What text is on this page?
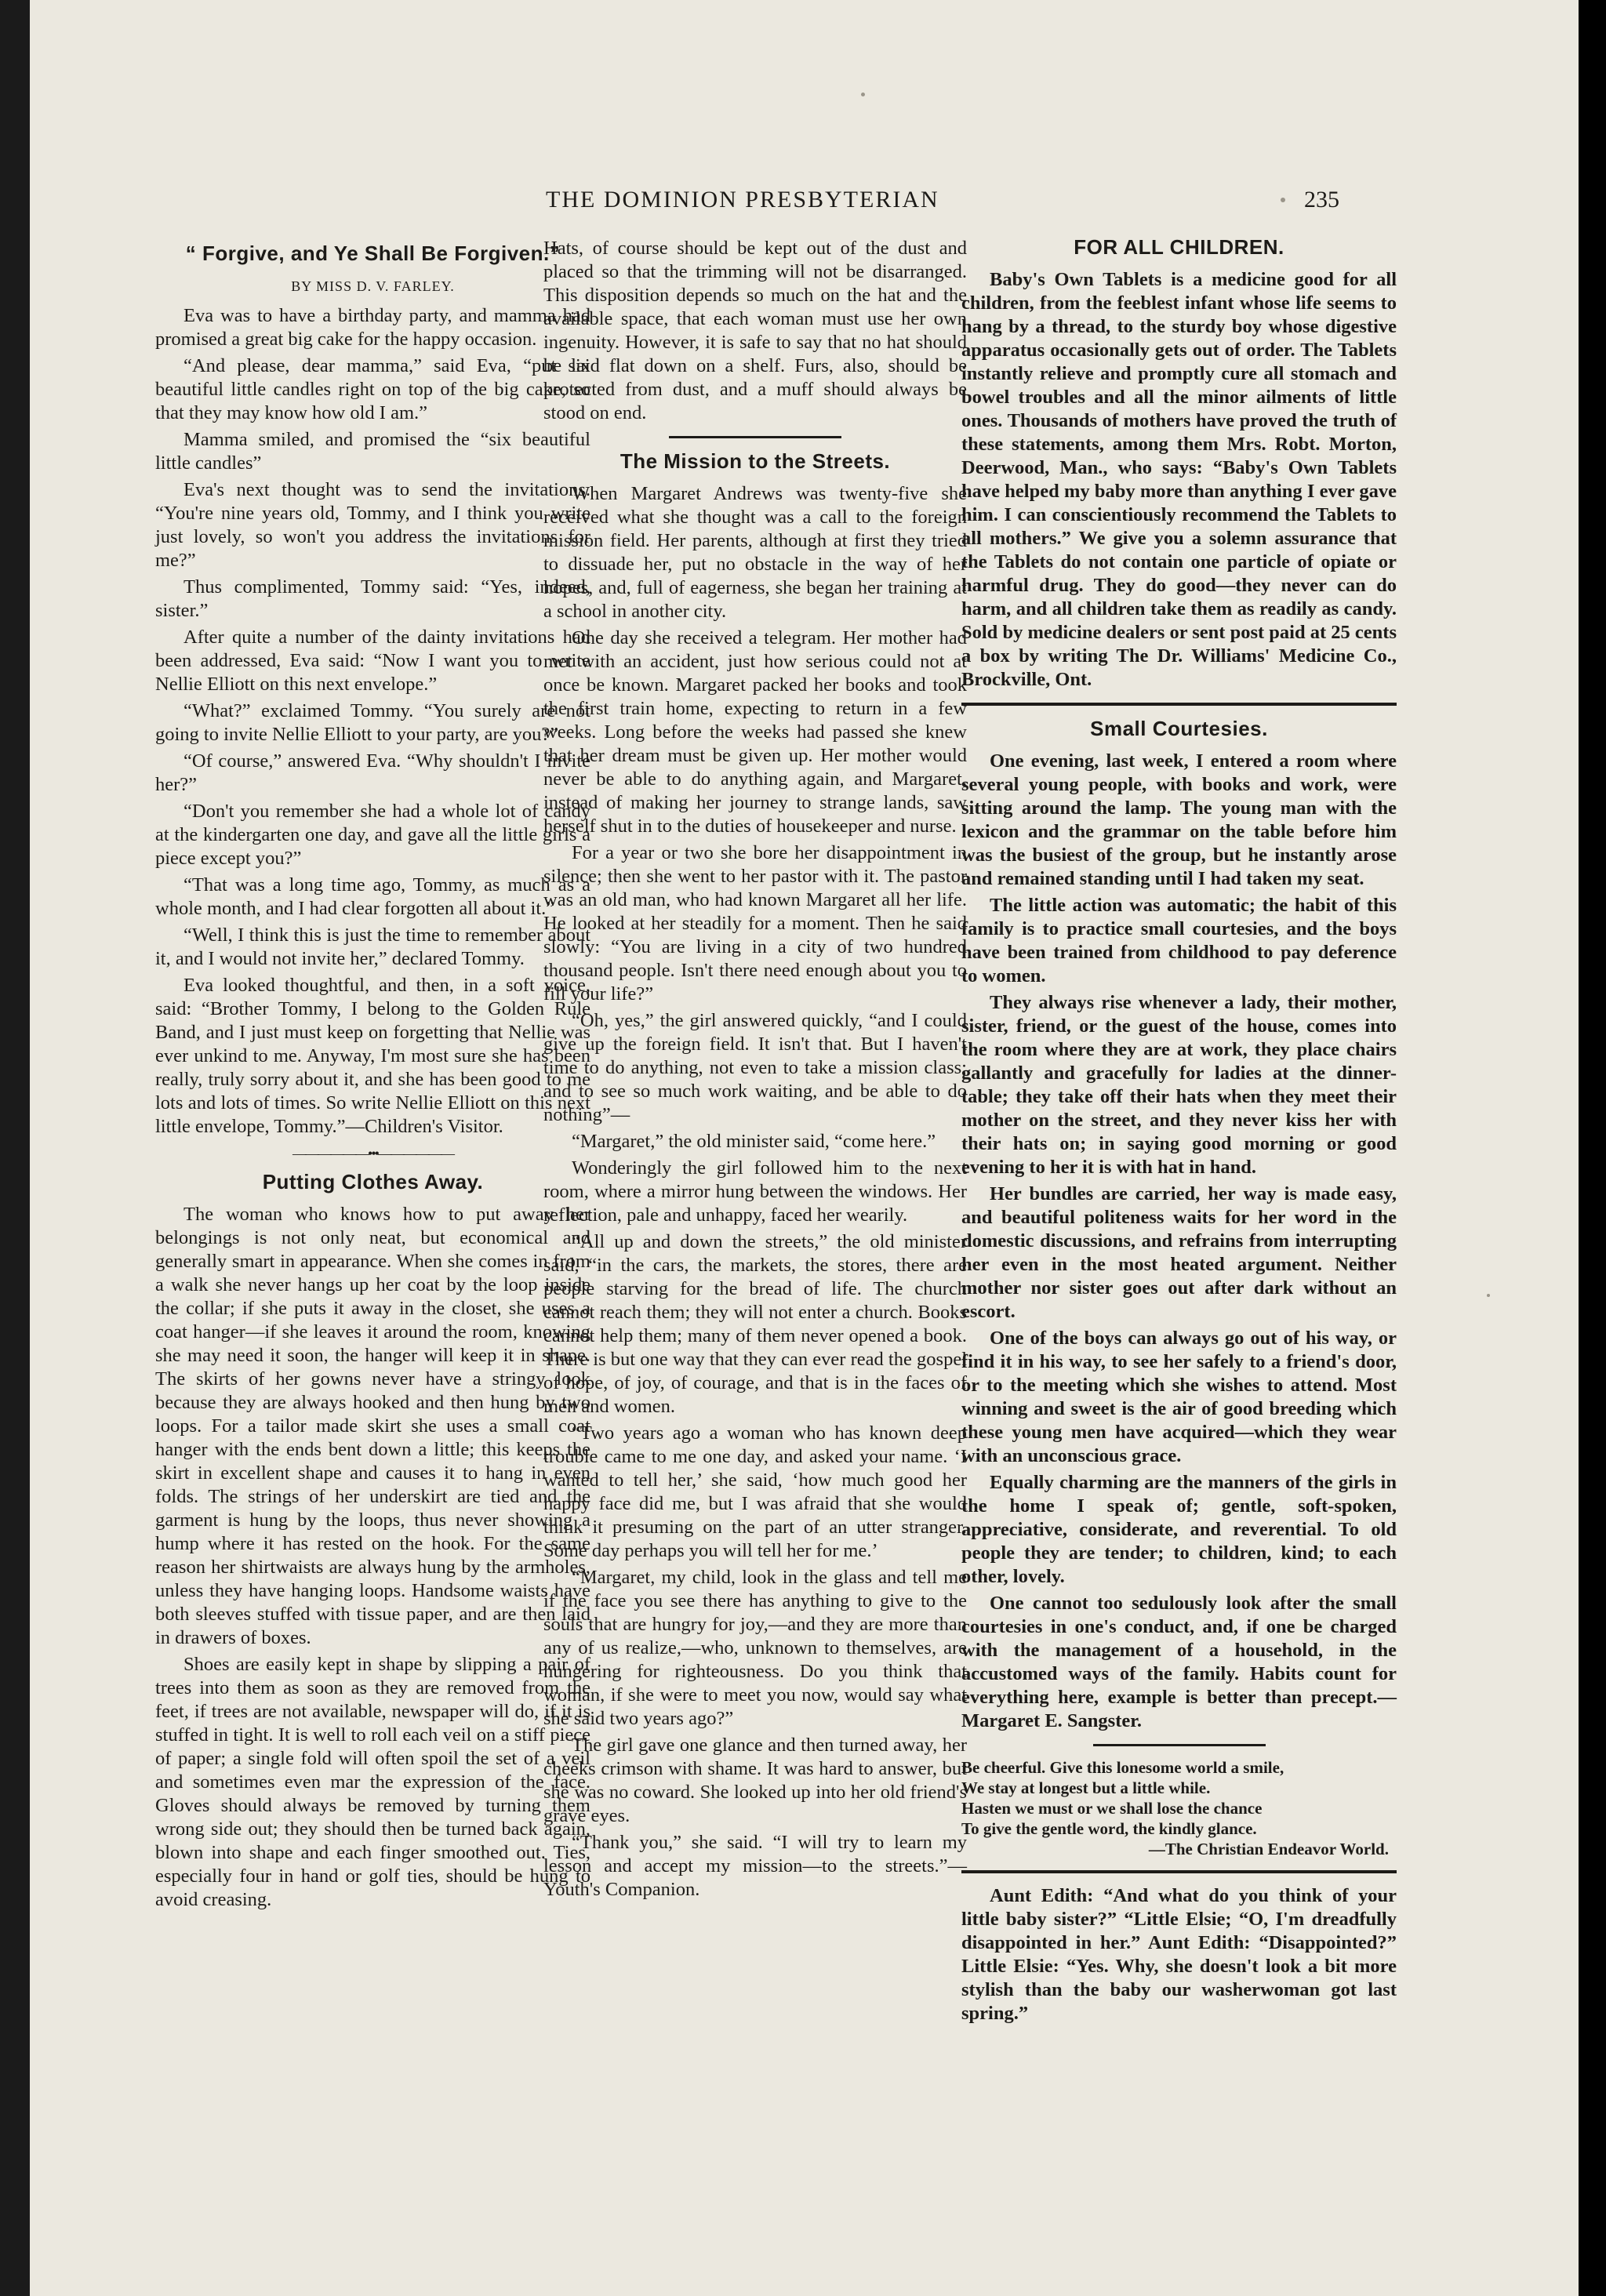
THE DOMINION PRESBYTERIAN	235
“ Forgive, and Ye Shall Be Forgiven.”
BY MISS D. V. FARLEY.

Eva was to have a birthday party, and mamma had promised a great big cake for the happy occasion.

“And please, dear mamma,” said Eva, “put six beautiful little candles right on top of the big cake, so that they may know how old I am.”

Mamma smiled, and promised the “six beautiful little candles”

Eva's next thought was to send the invitations. “You're nine years old, Tommy, and I think you write just lovely, so won't you address the invitations for me?”

Thus complimented, Tommy said: “Yes, indeed, sister.”

After quite a number of the dainty invitations had been addressed, Eva said: “Now I want you to write Nellie Elliott on this next envelope.”

“What?” exclaimed Tommy. “You surely are not going to invite Nellie Elliott to your party, are you?”

“Of course,” answered Eva. “Why shouldn't I invite her?”

“Don't you remember she had a whole lot of candy at the kindergarten one day, and gave all the little girls a piece except you?”

“That was a long time ago, Tommy, as much as a whole month, and I had clear forgotten all about it.”

“Well, I think this is just the time to remember about it, and I would not invite her,” declared Tommy.

Eva looked thoughtful, and then, in a soft voice, said: “Brother Tommy, I belong to the Golden Rule Band, and I just must keep on forgetting that Nellie was ever unkind to me. Anyway, I'm most sure she has been really, truly sorry about it, and she has been good to me lots and lots of times. So write Nellie Elliott on this next little envelope, Tommy.”—Children's Visitor.

——————•••——————
Putting Clothes Away.

The woman who knows how to put away her belongings is not only neat, but economical and generally smart in appearance. When she comes in from a walk she never hangs up her coat by the loop inside the collar; if she puts it away in the closet, she uses a coat hanger—if she leaves it around the room, knowing she may need it soon, the hanger will keep it in shape. The skirts of her gowns never have a stringy look because they are always hooked and then hung by two loops. For a tailor made skirt she uses a small coat hanger with the ends bent down a little; this keeps the skirt in excellent shape and causes it to hang in even folds. The strings of her underskirt are tied and the garment is hung by the loops, thus never showing a hump where it has rested on the hook. For the same reason her shirtwaists are always hung by the armholes, unless they have hanging loops. Handsome waists have both sleeves stuffed with tissue paper, and are then laid in drawers of boxes.

Shoes are easily kept in shape by slipping a pair of trees into them as soon as they are removed from the feet, if trees are not available, newspaper will do, if it is stuffed in tight. It is well to roll each veil on a stiff piece of paper; a single fold will often spoil the set of a veil and sometimes even mar the expression of the face. Gloves should always be removed by turning them wrong side out; they should then be turned back again, blown into shape and each finger smoothed out. Ties, especially four in hand or golf ties, should be hung to avoid creasing.

Hats, of course should be kept out of the dust and placed so that the trimming will not be disarranged. This disposition depends so much on the hat and the available space, that each woman must use her own ingenuity. However, it is safe to say that no hat should be laid flat down on a shelf. Furs, also, should be protected from dust, and a muff should always be stood on end.

The Mission to the Streets.

When Margaret Andrews was twenty-five she received what she thought was a call to the foreign mission field. Her parents, although at first they tried to dissuade her, put no obstacle in the way of her hopes, and, full of eagerness, she began her training at a school in another city.

One day she received a telegram. Her mother had met with an accident, just how serious could not at once be known. Margaret packed her books and took the first train home, expecting to return in a few weeks. Long before the weeks had passed she knew that her dream must be given up. Her mother would never be able to do anything again, and Margaret, instead of making her journey to strange lands, saw herself shut in to the duties of housekeeper and nurse.

For a year or two she bore her disappointment in silence; then she went to her pastor with it. The pastor was an old man, who had known Margaret all her life. He looked at her steadily for a moment. Then he said slowly: “You are living in a city of two hundred thousand people. Isn't there need enough about you to fill your life?”

“Oh, yes,” the girl answered quickly, “and I could give up the foreign field. It isn't that. But I haven't time to do anything, not even to take a mission class; and to see so much work waiting, and be able to do nothing”—

“Margaret,” the old minister said, “come here.”

Wonderingly the girl followed him to the next room, where a mirror hung between the windows. Her reflection, pale and unhappy, faced her wearily.

“All up and down the streets,” the old minister said, “in the cars, the markets, the stores, there are people starving for the bread of life. The church cannot reach them; they will not enter a church. Books cannot help them; many of them never opened a book. There is but one way that they can ever read the gospel of hope, of joy, of courage, and that is in the faces of men and women.

“Two years ago a woman who has known deep trouble came to me one day, and asked your name. ‘I wanted to tell her,’ she said, ‘how much good her happy face did me, but I was afraid that she would think it presuming on the part of an utter stranger. Some day perhaps you will tell her for me.’

“Margaret, my child, look in the glass and tell me if the face you see there has anything to give to the souls that are hungry for joy,—and they are more than any of us realize,—who, unknown to themselves, are hungering for righteousness. Do you think that woman, if she were to meet you now, would say what she said two years ago?”

The girl gave one glance and then turned away, her cheeks crimson with shame. It was hard to answer, but she was no coward. She looked up into her old friend's grave eyes.

“Thank you,” she said. “I will try to learn my lesson and accept my mission—to the streets.”—Youth's Companion.

FOR ALL CHILDREN.

Baby's Own Tablets is a medicine good for all children, from the feeblest infant whose life seems to hang by a thread, to the sturdy boy whose digestive apparatus occasionally gets out of order. The Tablets instantly relieve and promptly cure all stomach and bowel troubles and all the minor ailments of little ones. Thousands of mothers have proved the truth of these statements, among them Mrs. Robt. Morton, Deerwood, Man., who says: “Baby's Own Tablets have helped my baby more than anything I ever gave him. I can conscientiously recommend the Tablets to all mothers.” We give you a solemn assurance that the Tablets do not contain one particle of opiate or harmful drug. They do good—they never can do harm, and all children take them as readily as candy. Sold by medicine dealers or sent post paid at 25 cents a box by writing The Dr. Williams' Medicine Co., Brockville, Ont.

Small Courtesies.

One evening, last week, I entered a room where several young people, with books and work, were sitting around the lamp. The young man with the lexicon and the grammar on the table before him was the busiest of the group, but he instantly arose and remained standing until I had taken my seat.

The little action was automatic; the habit of this family is to practice small courtesies, and the boys have been trained from childhood to pay deference to women.

They always rise whenever a lady, their mother, sister, friend, or the guest of the house, comes into the room where they are at work, they place chairs gallantly and gracefully for ladies at the dinner-table; they take off their hats when they meet their mother on the street, and they never kiss her with their hats on; in saying good morning or good evening to her it is with hat in hand.

Her bundles are carried, her way is made easy, and beautiful politeness waits for her word in the domestic discussions, and refrains from interrupting her even in the most heated argument. Neither mother nor sister goes out after dark without an escort.

One of the boys can always go out of his way, or find it in his way, to see her safely to a friend's door, or to the meeting which she wishes to attend. Most winning and sweet is the air of good breeding which these young men have acquired—which they wear with an unconscious grace.

Equally charming are the manners of the girls in the home I speak of; gentle, soft-spoken, appreciative, considerate, and reverential. To old people they are tender; to children, kind; to each other, lovely.

One cannot too sedulously look after the small courtesies in one's conduct, and, if one be charged with the management of a household, in the accustomed ways of the family. Habits count for everything here, example is better than precept.—Margaret E. Sangster.

Be cheerful. Give this lonesome world a smile,
We stay at longest but a little while.
Hasten we must or we shall lose the chance
To give the gentle word, the kindly glance.
—The Christian Endeavor World.

Aunt Edith: “And what do you think of your little baby sister?” “Little Elsie; “O, I'm dreadfully disappointed in her.” Aunt Edith: “Disappointed?” Little Elsie: “Yes. Why, she doesn't look a bit more stylish than the baby our washerwoman got last spring.”
